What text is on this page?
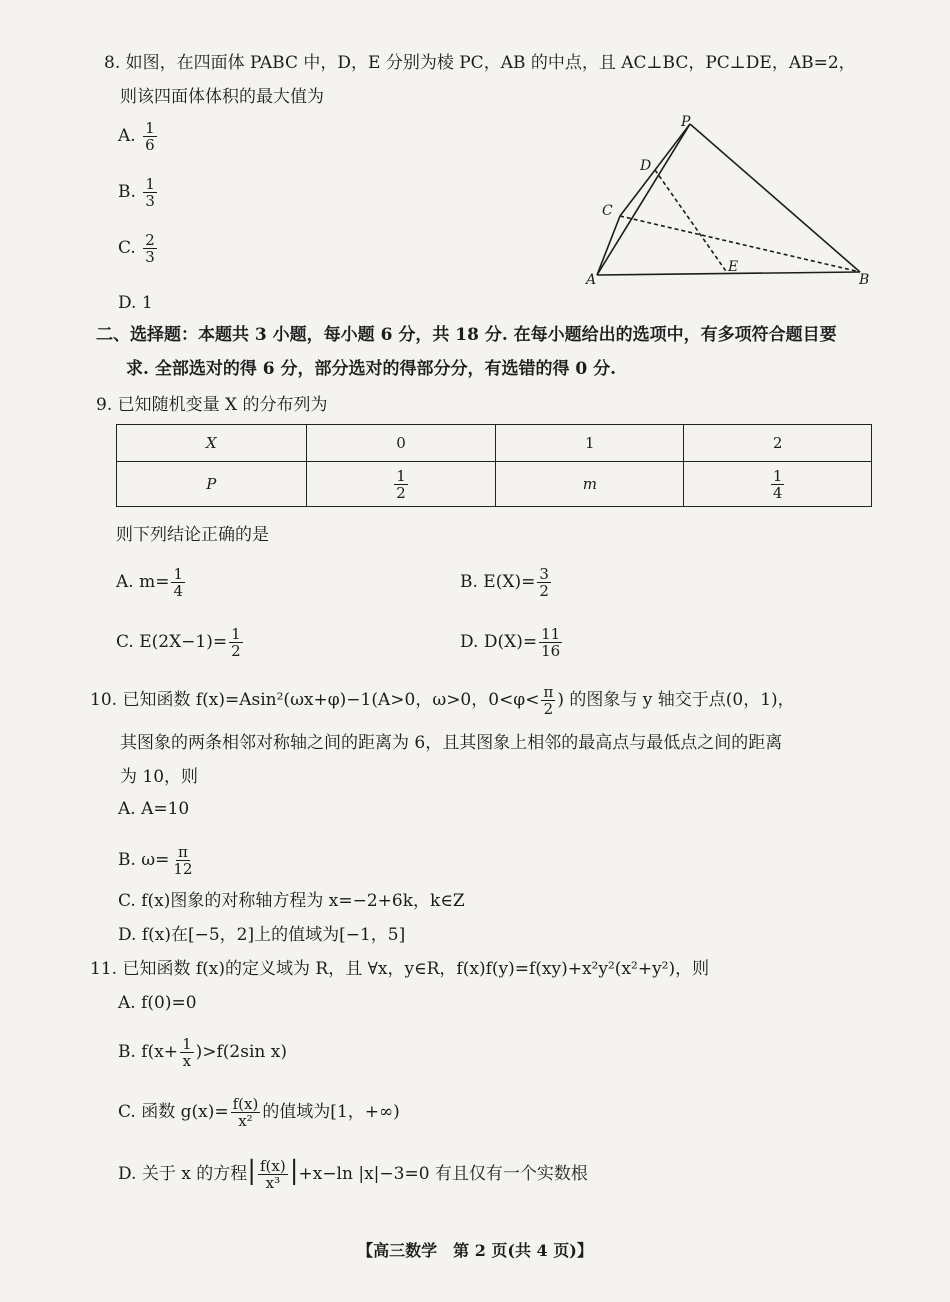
8. 如图，在四面体 PABC 中，D，E 分别为棱 PC，AB 的中点，且 AC⊥BC，PC⊥DE，AB=2，
则该四面体体积的最大值为
A. $\frac{1}{6}$
B. $\frac{1}{3}$
C. $\frac{2}{3}$
D. 1
P
D
C
A
E
B
二、选择题：本题共 3 小题，每小题 6 分，共 18 分. 在每小题给出的选项中，有多项符合题目要
求. 全部选对的得 6 分，部分选对的得部分分，有选错的得 0 分.
9. 已知随机变量 X 的分布列为
X	0	1	2
P	$\frac{1}{2}$	m	$\frac{1}{4}$
则下列结论正确的是
A. $m= \frac{1}{4}$	B. $E(X)= \frac{3}{2}$
C. $E(2X-1)= \frac{1}{2}$	D. $D(X)= \frac{11}{16}$
10. 已知函数 f(x)=Asin²(ωx+φ)−1(A>0，ω>0，$0<\varphi< \frac{\pi}{2}$ ) 的图象与 y 轴交于点(0，1)，
其图象的两条相邻对称轴之间的距离为 6，且其图象上相邻的最高点与最低点之间的距离
为 10，则
A. A=10
B. $\omega= \frac{\pi}{12}$
C. f(x)图象的对称轴方程为 x=−2+6k，k∈Z
D. f(x)在[−5，2]上的值域为[−1，5]
11. 已知函数 f(x)的定义域为 R，且 ∀x，y∈R，f(x)f(y)=f(xy)+x²y²(x²+y²)，则
A. f(0)=0
B. $f(x+ \frac{1}{x} )>f(2\sin$ x)
C. 函数 $g(x)= \frac{f(x)}{\text{x²}}$ 的值域为[1，+∞)
D. 关于 x 的方程| $\frac{f(x)}{\text{x³}} |+x-\ln$ |x|−3=0 有且仅有一个实数根
【高三数学　第 2 页(共 4 页)】
